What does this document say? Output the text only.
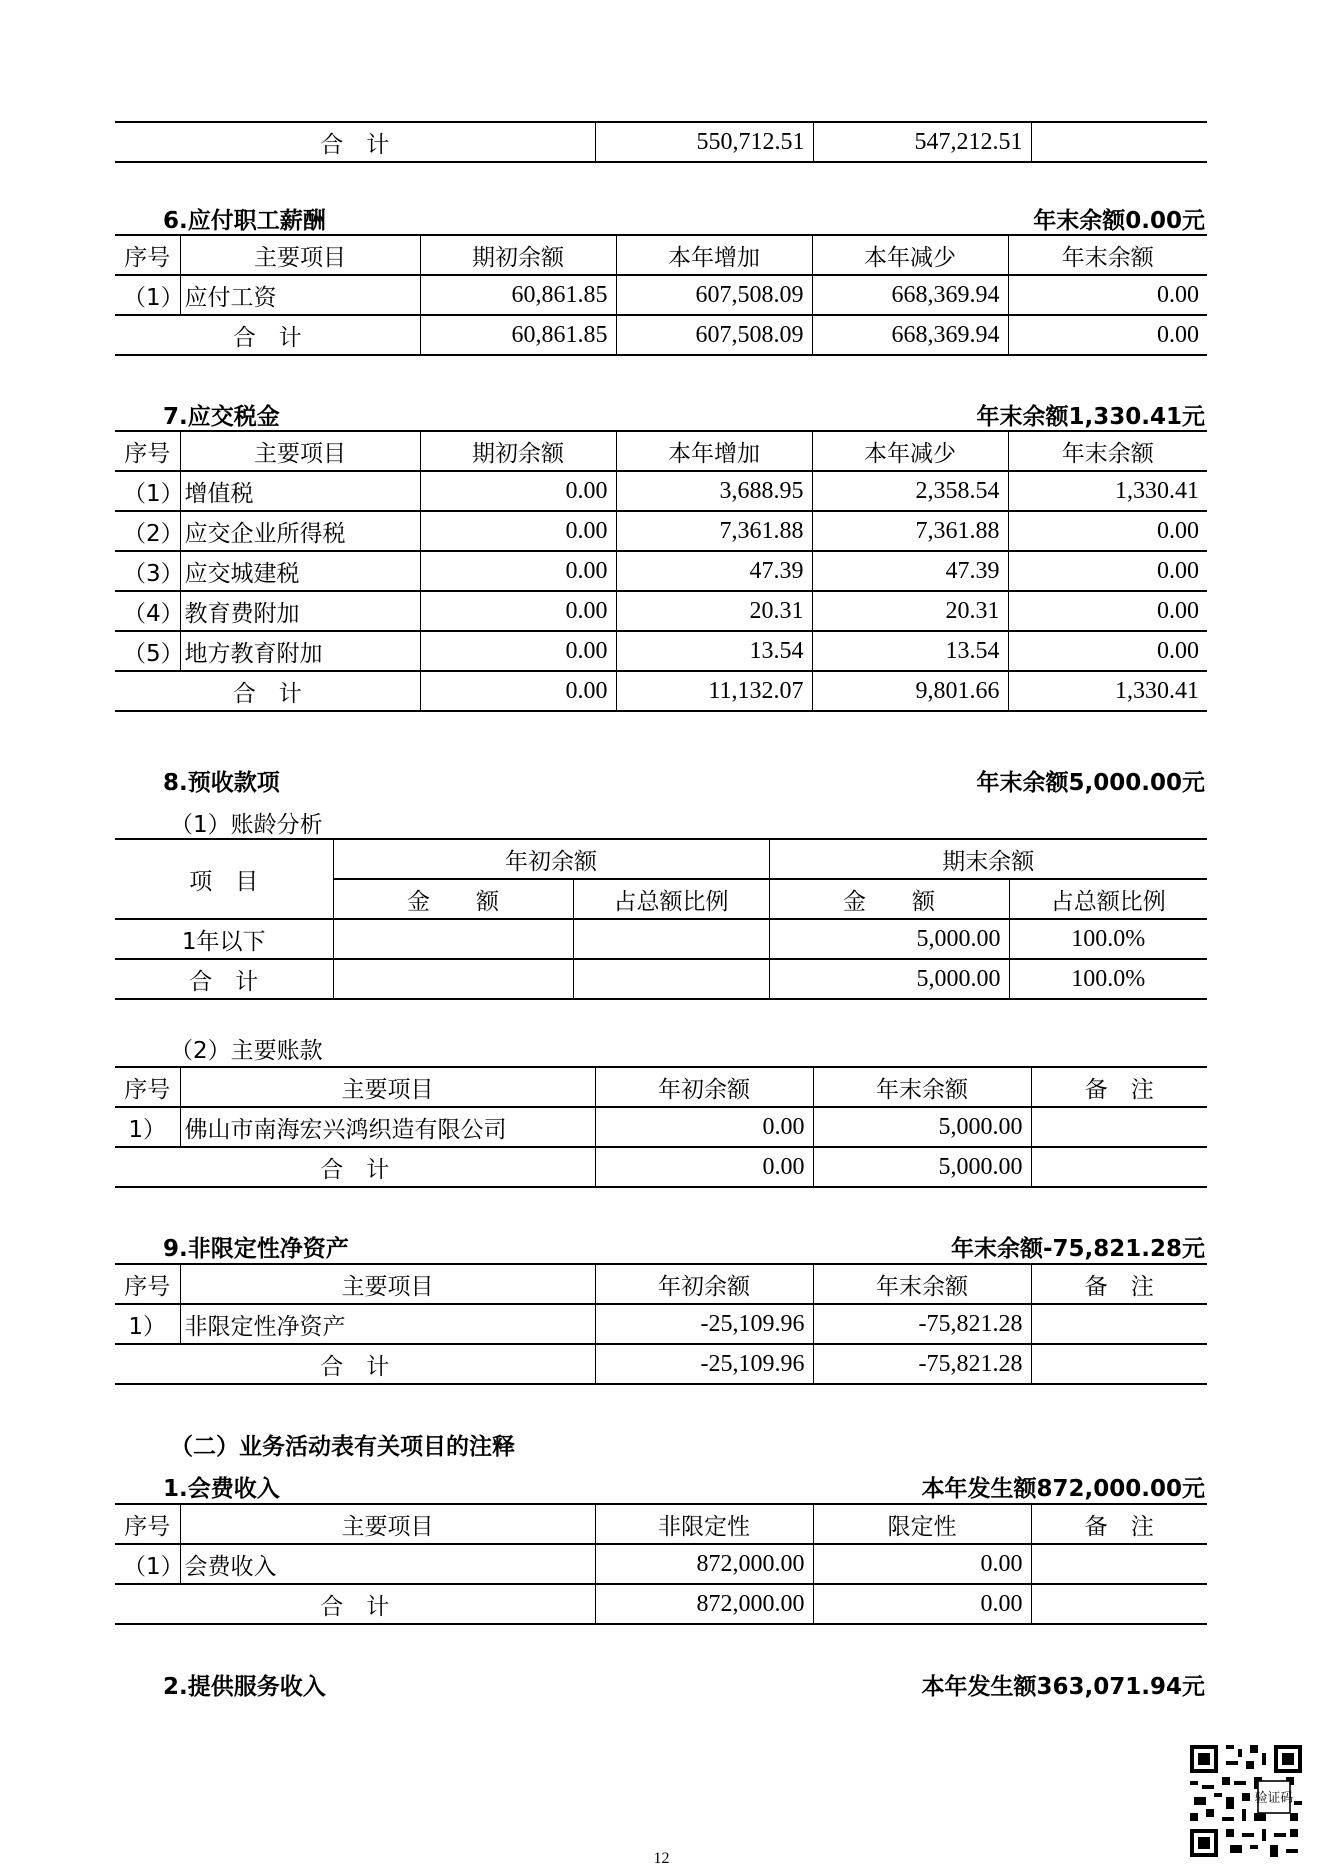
合　计	550,712.51	547,212.51	
6.应付职工薪酬	年末余额0.00元
序号	主要项目	期初余额	本年增加	本年减少	年末余额
（1）	应付工资	60,861.85	607,508.09	668,369.94	0.00
合　计		60,861.85	607,508.09	668,369.94	0.00
7.应交税金	年末余额1,330.41元
序号	主要项目	期初余额	本年增加	本年减少	年末余额
（1）	增值税	0.00	3,688.95	2,358.54	1,330.41
（2）	应交企业所得税	0.00	7,361.88	7,361.88	0.00
（3）	应交城建税	0.00	47.39	47.39	0.00
（4）	教育费附加	0.00	20.31	20.31	0.00
（5）	地方教育附加	0.00	13.54	13.54	0.00
合　计		0.00	11,132.07	9,801.66	1,330.41
8.预收款项	年末余额5,000.00元
（1）账龄分析
项　目	年初余额		期末余额	
	金　　额	占总额比例	金　　额	占总额比例
1年以下			5,000.00	100.0%
合　计			5,000.00	100.0%
（2）主要账款
序号	主要项目	年初余额	年末余额	备　注
1）	佛山市南海宏兴鸿织造有限公司	0.00	5,000.00	
合　计		0.00	5,000.00	
9.非限定性净资产	年末余额-75,821.28元
序号	主要项目	年初余额	年末余额	备　注
1）	非限定性净资产	-25,109.96	-75,821.28	
合　计		-25,109.96	-75,821.28	
（二）业务活动表有关项目的注释
1.会费收入	本年发生额872,000.00元
序号	主要项目	非限定性	限定性	备　注
（1）	会费收入	872,000.00	0.00	
合　计		872,000.00	0.00	
2.提供服务收入	本年发生额363,071.94元
12
验证码
